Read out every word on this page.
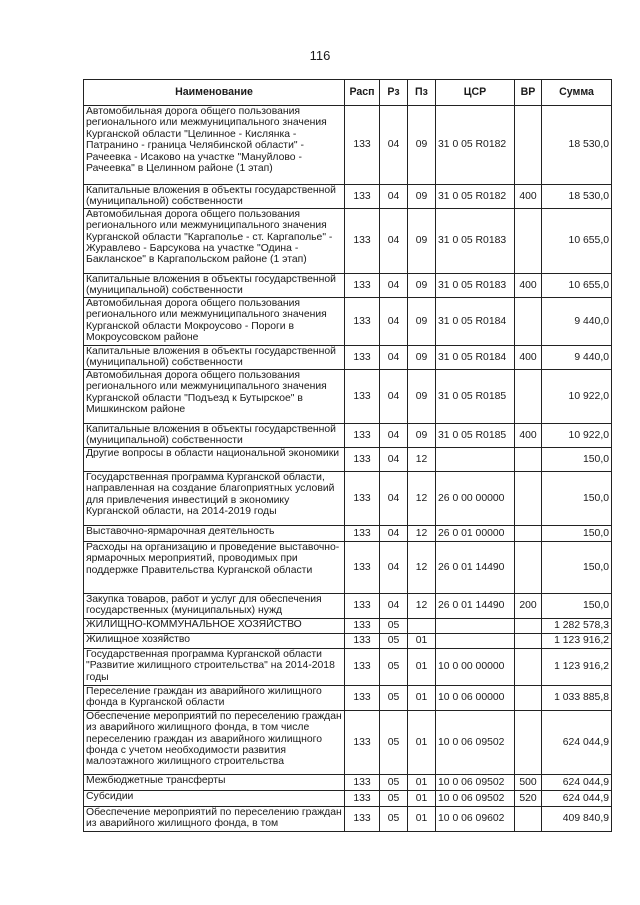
116
Наименование	Расп	Рз	Пз	ЦСР	ВР	Сумма
Автомобильная дорога общего пользования регионального или межмуниципального значения Курганской области "Целинное - Кислянка - Патранино - граница Челябинской области" - Рачеевка - Исаково на участке "Мануйлово - Рачеевка" в Целинном районе (1 этап)	133	04	09	31 0 05 R0182		18 530,0
Капитальные вложения в объекты государственной (муниципальной) собственности	133	04	09	31 0 05 R0182	400	18 530,0
Автомобильная дорога общего пользования регионального или межмуниципального значения Курганской области "Каргаполье - ст. Каргаполье" - Журавлево - Барсукова на участке "Одина - Бакланское" в Каргапольском районе (1 этап)	133	04	09	31 0 05 R0183		10 655,0
Капитальные вложения в объекты государственной (муниципальной) собственности	133	04	09	31 0 05 R0183	400	10 655,0
Автомобильная дорога общего пользования регионального или межмуниципального значения Курганской области Мокроусово - Пороги в Мокроусовском районе	133	04	09	31 0 05 R0184		9 440,0
Капитальные вложения в объекты государственной (муниципальной) собственности	133	04	09	31 0 05 R0184	400	9 440,0
Автомобильная дорога общего пользования регионального или межмуниципального значения Курганской области "Подъезд к Бутырское" в Мишкинском районе	133	04	09	31 0 05 R0185		10 922,0
Капитальные вложения в объекты государственной (муниципальной) собственности	133	04	09	31 0 05 R0185	400	10 922,0
Другие вопросы в области национальной экономики	133	04	12			150,0
Государственная программа Курганской области, направленная на создание благоприятных условий для привлечения инвестиций в экономику Курганской области, на 2014-2019 годы	133	04	12	26 0 00 00000		150,0
Выставочно-ярмарочная деятельность	133	04	12	26 0 01 00000		150,0
Расходы на организацию и проведение выставочно-ярмарочных мероприятий, проводимых при поддержке Правительства Курганской области	133	04	12	26 0 01 14490		150,0
Закупка товаров, работ и услуг для обеспечения государственных (муниципальных) нужд	133	04	12	26 0 01 14490	200	150,0
ЖИЛИЩНО-КОММУНАЛЬНОЕ ХОЗЯЙСТВО	133	05				1 282 578,3
Жилищное хозяйство	133	05	01			1 123 916,2
Государственная программа Курганской области "Развитие жилищного строительства" на 2014-2018 годы	133	05	01	10 0 00 00000		1 123 916,2
Переселение граждан из аварийного жилищного фонда в Курганской области	133	05	01	10 0 06 00000		1 033 885,8
Обеспечение мероприятий по переселению граждан из аварийного жилищного фонда, в том числе переселению граждан из аварийного жилищного фонда с учетом необходимости развития малоэтажного жилищного строительства	133	05	01	10 0 06 09502		624 044,9
Межбюджетные трансферты	133	05	01	10 0 06 09502	500	624 044,9
Субсидии	133	05	01	10 0 06 09502	520	624 044,9
Обеспечение мероприятий по переселению граждан из аварийного жилищного фонда, в том	133	05	01	10 0 06 09602		409 840,9
